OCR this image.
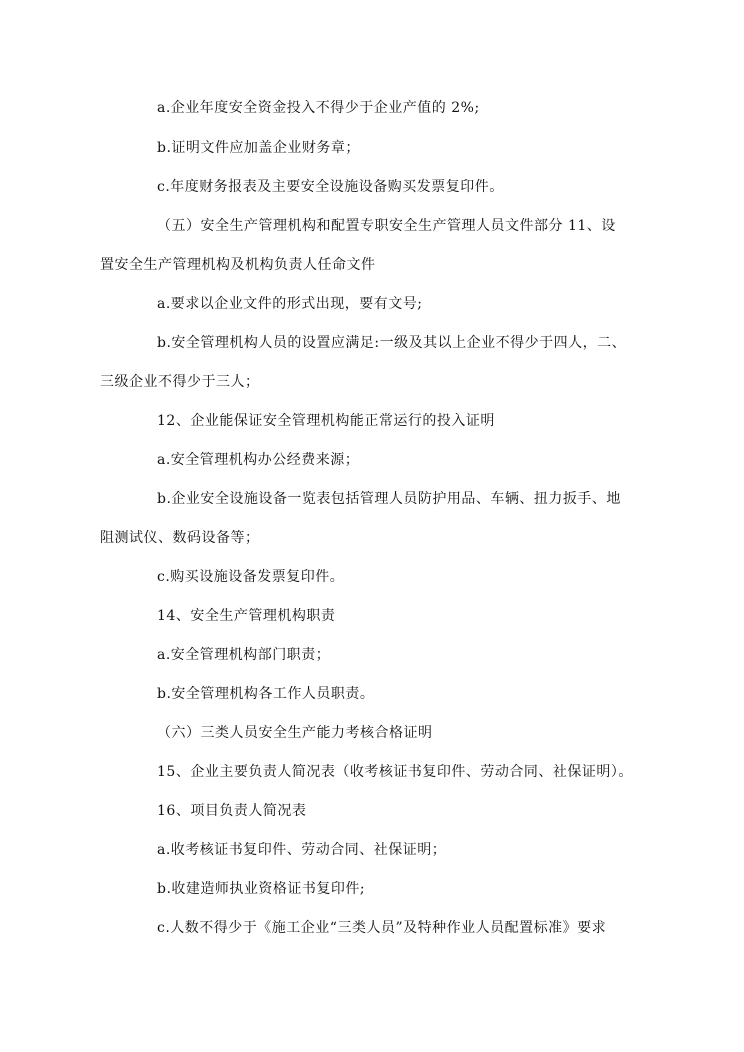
a.企业年度安全资金投入不得少于企业产值的 2%;
b.证明文件应加盖企业财务章；
c.年度财务报表及主要安全设施设备购买发票复印件。
（五）安全生产管理机构和配置专职安全生产管理人员文件部分 11、设
置安全生产管理机构及机构负责人任命文件
a.要求以企业文件的形式出现，要有文号;
b.安全管理机构人员的设置应满足:一级及其以上企业不得少于四人，二、
三级企业不得少于三人；
12、企业能保证安全管理机构能正常运行的投入证明
a.安全管理机构办公经费来源；
b.企业安全设施设备一览表包括管理人员防护用品、车辆、扭力扳手、地
阻测试仪、数码设备等；
c.购买设施设备发票复印件。
14、安全生产管理机构职责
a.安全管理机构部门职责；
b.安全管理机构各工作人员职责。
（六）三类人员安全生产能力考核合格证明
15、企业主要负责人简况表（收考核证书复印件、劳动合同、社保证明）。
16、项目负责人简况表
a.收考核证书复印件、劳动合同、社保证明；
b.收建造师执业资格证书复印件;
c.人数不得少于《施工企业“三类人员”及特种作业人员配置标准》要求
